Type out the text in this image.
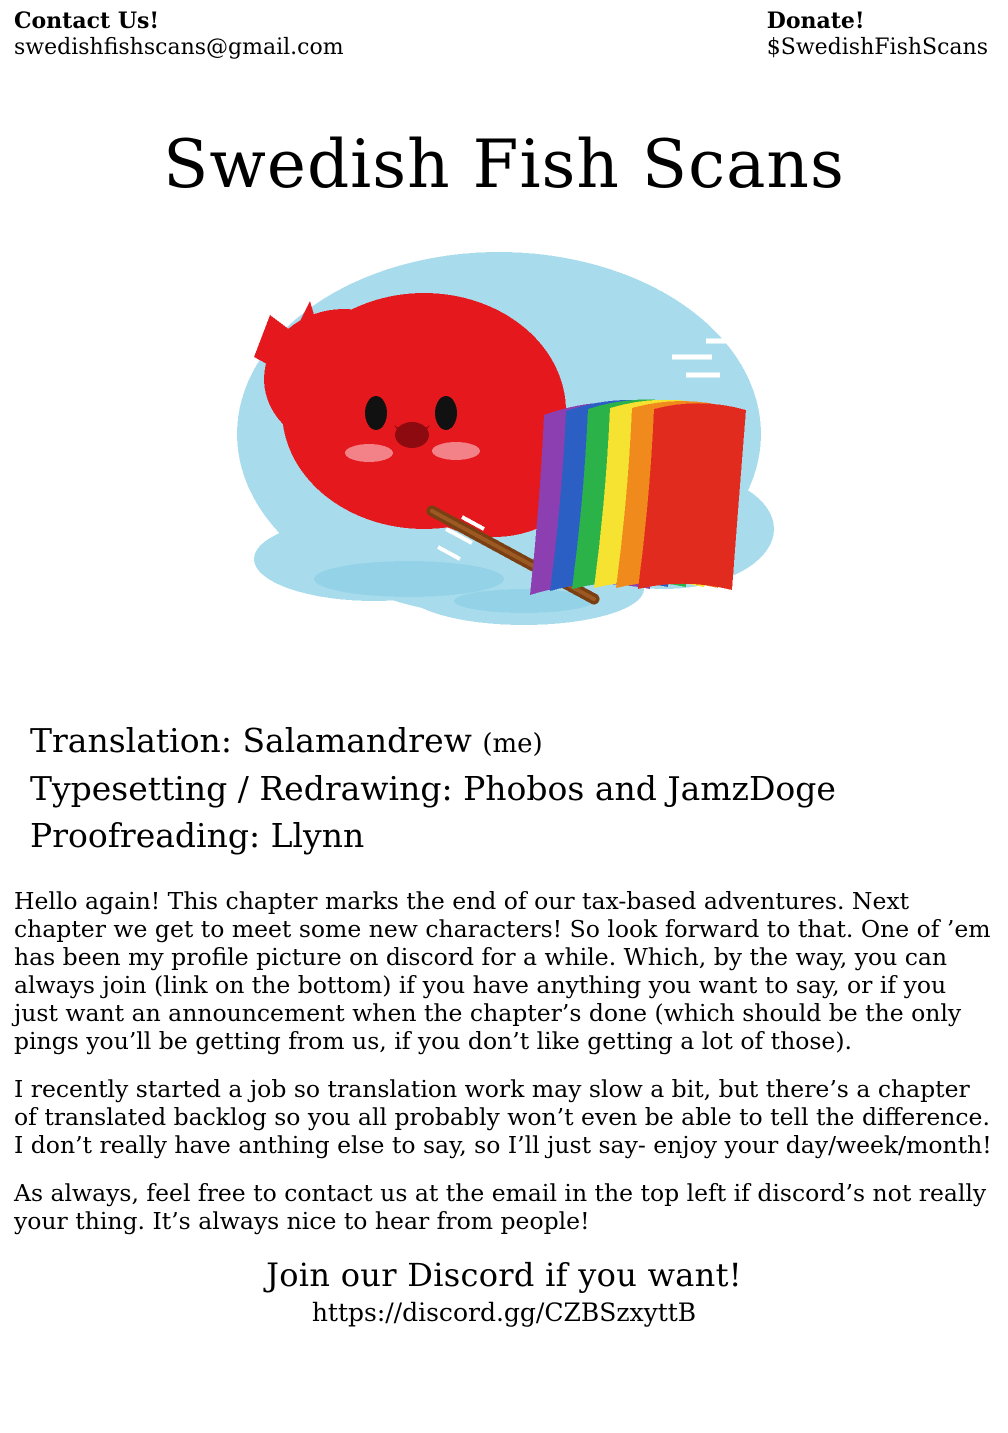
Contact Us!
swedishfishscans@gmail.com
Donate!
$SwedishFishScans
Swedish Fish Scans
Translation: Salamandrew (me)
Typesetting / Redrawing: Phobos and JamzDoge
Proofreading: Llynn

Hello again! This chapter marks the end of our tax-based adventures. Next chapter we get to meet some new characters! So look forward to that. One of ’em has been my profile picture on discord for a while. Which, by the way, you can always join (link on the bottom) if you have anything you want to say, or if you just want an announcement when the chapter’s done (which should be the only pings you’ll be getting from us, if you don’t like getting a lot of those).

I recently started a job so translation work may slow a bit, but there’s a chapter of translated backlog so you all probably won’t even be able to tell the difference. I don’t really have anthing else to say, so I’ll just say- enjoy your day/week/month!

As always, feel free to contact us at the email in the top left if discord’s not really your thing. It’s always nice to hear from people!

Join our Discord if you want!
https://discord.gg/CZBSzxyttB
